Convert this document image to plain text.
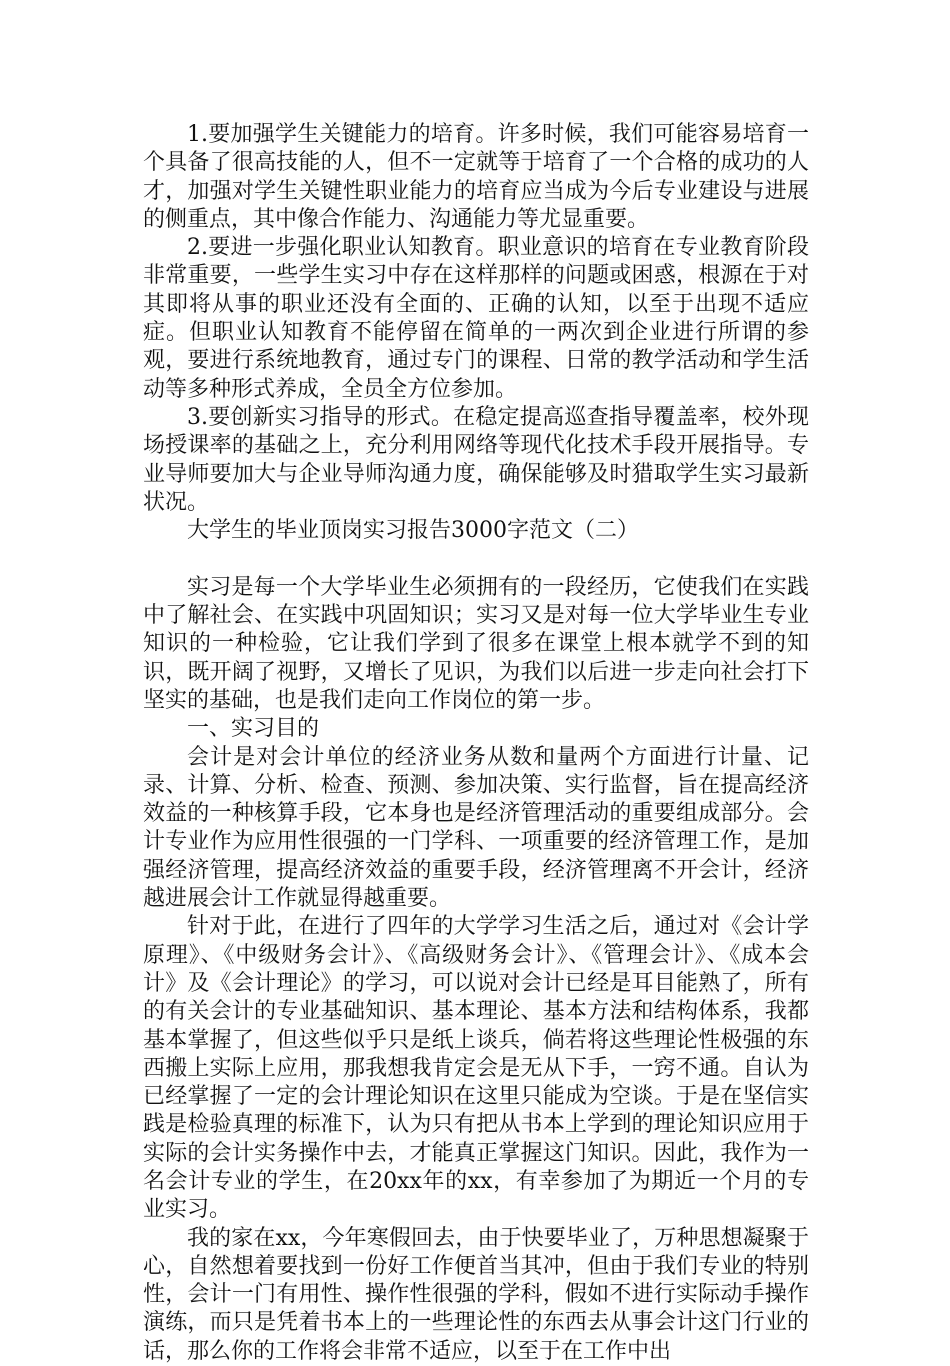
1.要加强学生关键能力的培育。许多时候，我们可能容易培育一个具备了很高技能的人，但不一定就等于培育了一个合格的成功的人才，加强对学生关键性职业能力的培育应当成为今后专业建设与进展的侧重点，其中像合作能力、沟通能力等尤显重要。

2.要进一步强化职业认知教育。职业意识的培育在专业教育阶段非常重要，一些学生实习中存在这样那样的问题或困惑，根源在于对其即将从事的职业还没有全面的、正确的认知，以至于出现不适应症。但职业认知教育不能停留在简单的一两次到企业进行所谓的参观，要进行系统地教育，通过专门的课程、日常的教学活动和学生活动等多种形式养成，全员全方位参加。

3.要创新实习指导的形式。在稳定提高巡查指导覆盖率，校外现场授课率的基础之上，充分利用网络等现代化技术手段开展指导。专业导师要加大与企业导师沟通力度，确保能够及时猎取学生实习最新状况。

大学生的毕业顶岗实习报告3000字范文（二）

实习是每一个大学毕业生必须拥有的一段经历，它使我们在实践中了解社会、在实践中巩固知识；实习又是对每一位大学毕业生专业知识的一种检验，它让我们学到了很多在课堂上根本就学不到的知识，既开阔了视野，又增长了见识，为我们以后进一步走向社会打下坚实的基础，也是我们走向工作岗位的第一步。

一、实习目的

会计是对会计单位的经济业务从数和量两个方面进行计量、记录、计算、分析、检查、预测、参加决策、实行监督，旨在提高经济效益的一种核算手段，它本身也是经济管理活动的重要组成部分。会计专业作为应用性很强的一门学科、一项重要的经济管理工作，是加强经济管理，提高经济效益的重要手段，经济管理离不开会计，经济越进展会计工作就显得越重要。

针对于此，在进行了四年的大学学习生活之后，通过对《会计学原理》、《中级财务会计》、《高级财务会计》、《管理会计》、《成本会计》及《会计理论》的学习，可以说对会计已经是耳目能熟了，所有的有关会计的专业基础知识、基本理论、基本方法和结构体系，我都基本掌握了，但这些似乎只是纸上谈兵，倘若将这些理论性极强的东西搬上实际上应用，那我想我肯定会是无从下手，一窍不通。自认为已经掌握了一定的会计理论知识在这里只能成为空谈。于是在坚信实践是检验真理的标准下，认为只有把从书本上学到的理论知识应用于实际的会计实务操作中去，才能真正掌握这门知识。因此，我作为一名会计专业的学生，在20xx年的xx，有幸参加了为期近一个月的专业实习。

我的家在xx，今年寒假回去，由于快要毕业了，万种思想凝聚于心，自然想着要找到一份好工作便首当其冲，但由于我们专业的特别性，会计一门有用性、操作性很强的学科，假如不进行实际动手操作演练，而只是凭着书本上的一些理论性的东西去从事会计这门行业的话，那么你的工作将会非常不适应，以至于在工作中出
